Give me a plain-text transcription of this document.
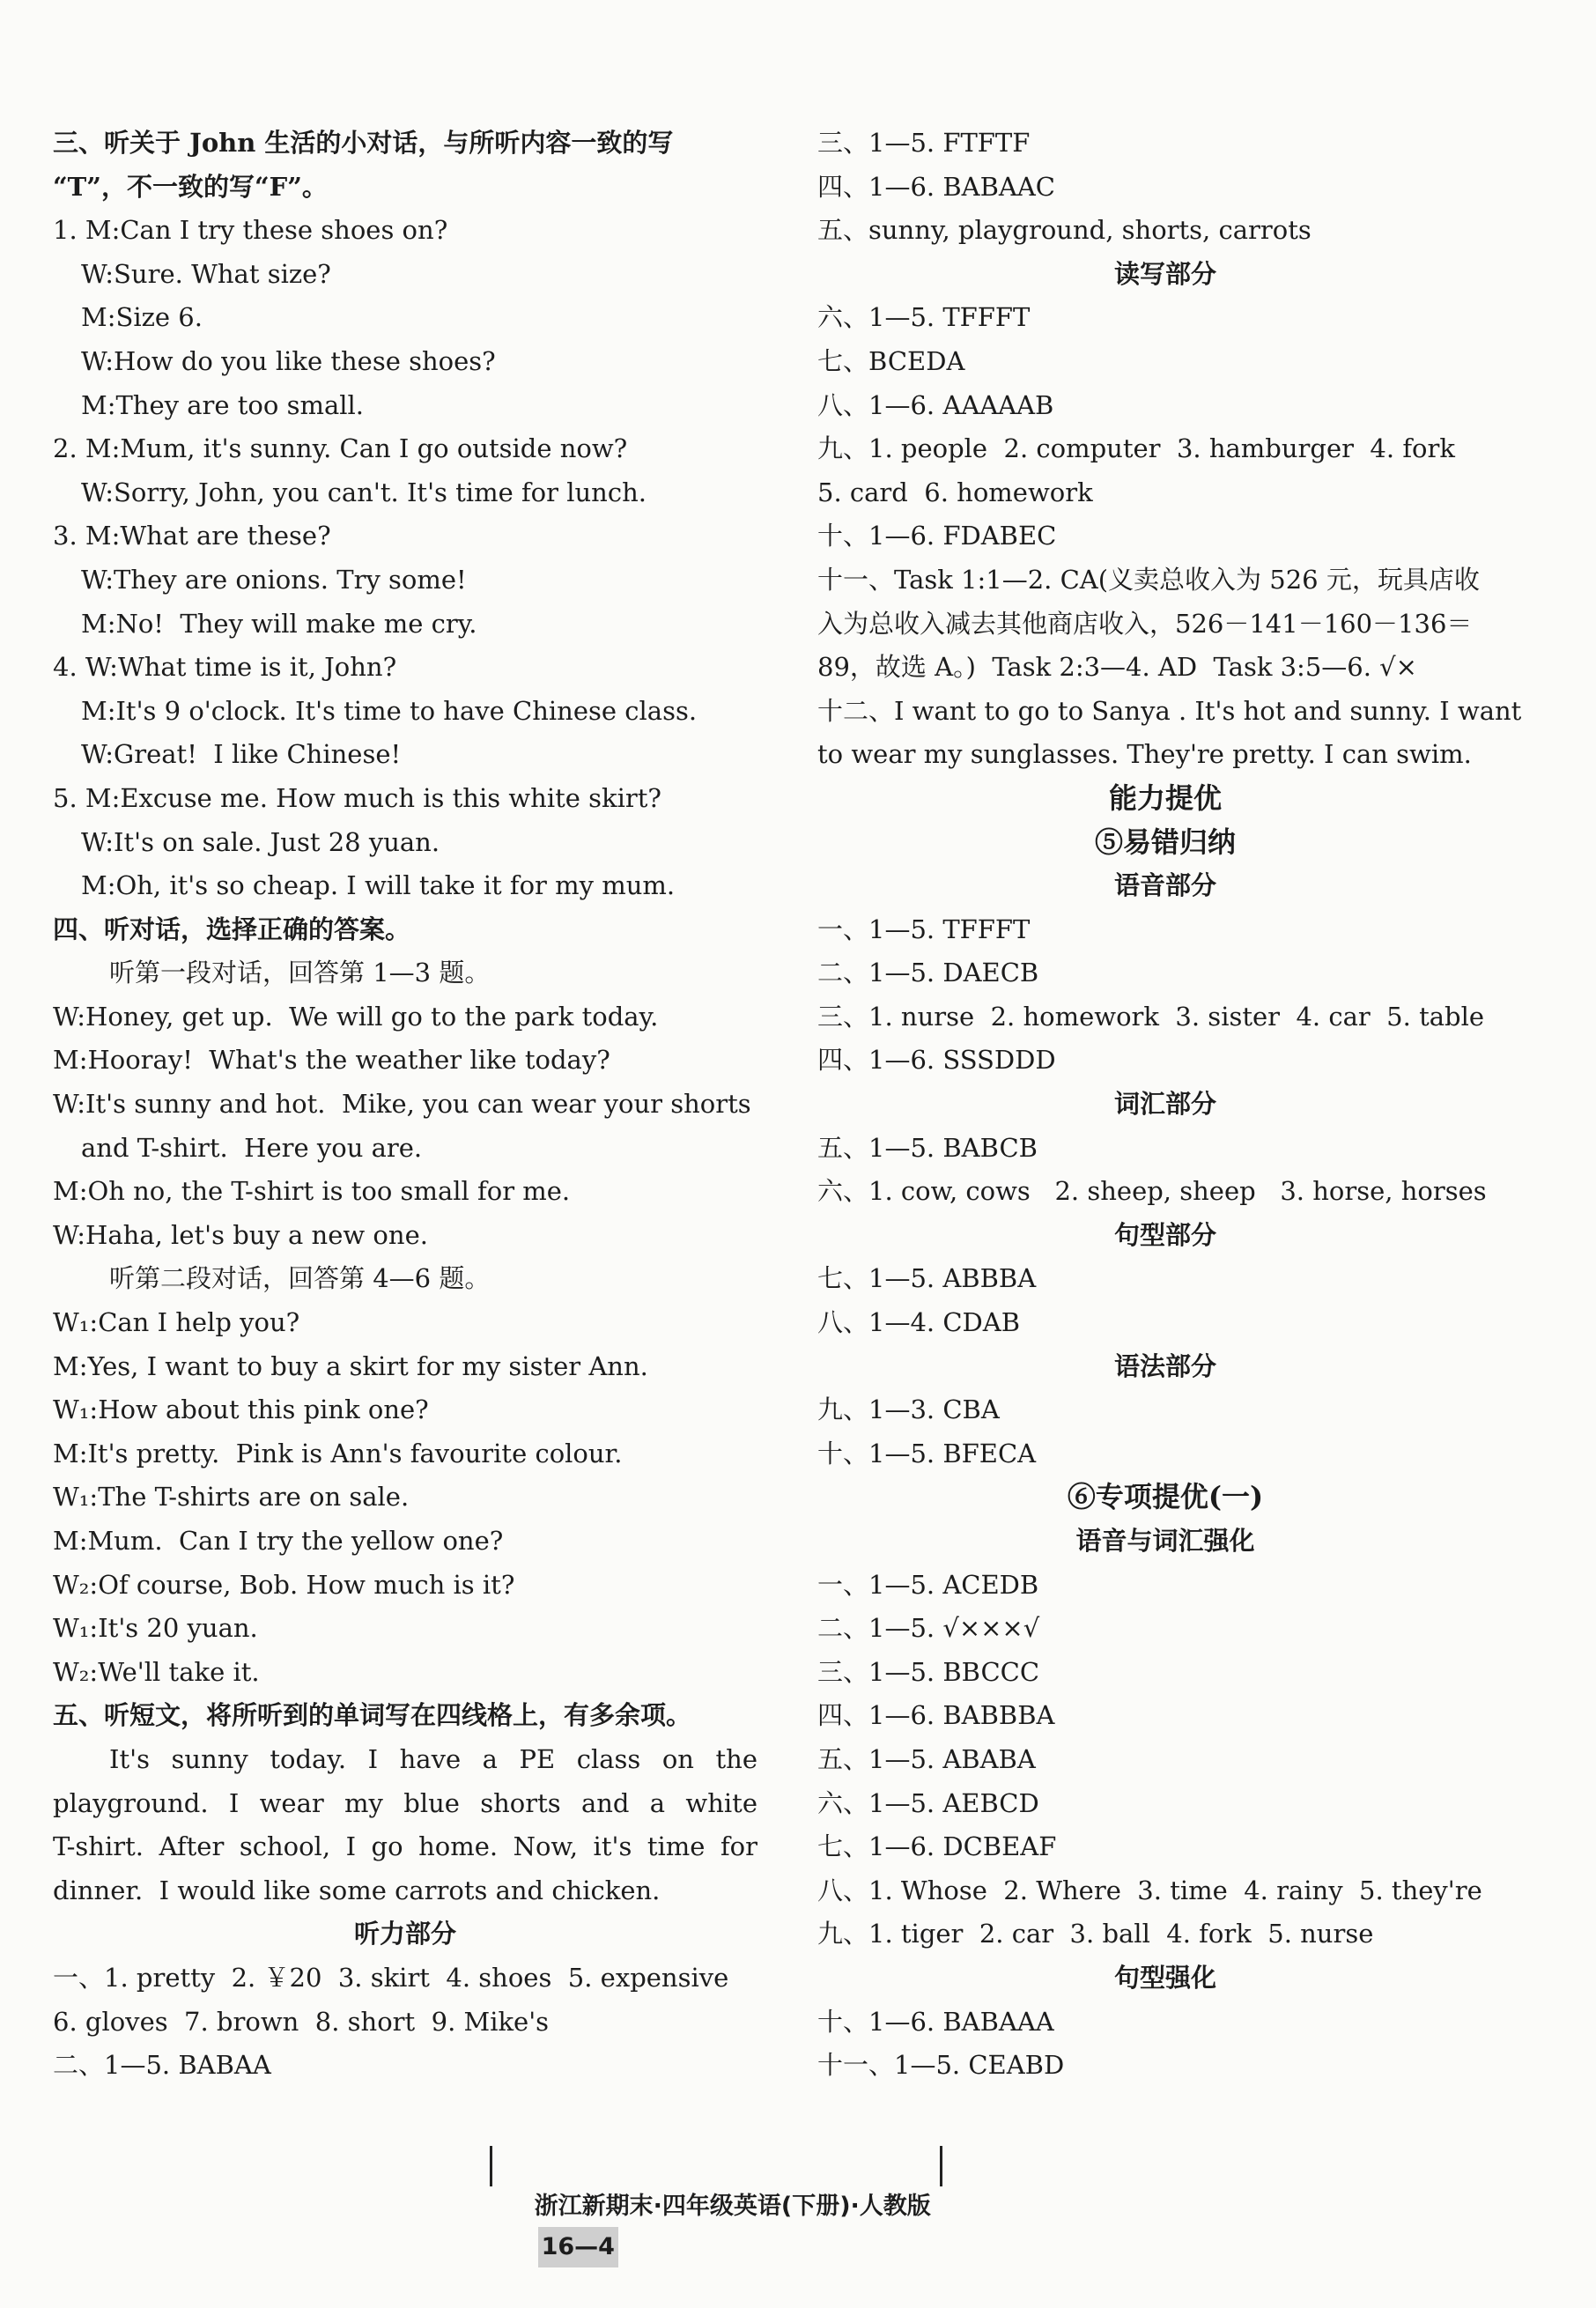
三、听关于 John 生活的小对话，与所听内容一致的写
“T”，不一致的写“F”。
1. M:Can I try these shoes on?
W:Sure. What size?
M:Size 6.
W:How do you like these shoes?
M:They are too small.
2. M:Mum, it's sunny. Can I go outside now?
W:Sorry, John, you can't. It's time for lunch.
3. M:What are these?
W:They are onions. Try some!
M:No!  They will make me cry.
4. W:What time is it, John?
M:It's 9 o'clock. It's time to have Chinese class.
W:Great!  I like Chinese!
5. M:Excuse me. How much is this white skirt?
W:It's on sale. Just 28 yuan.
M:Oh, it's so cheap. I will take it for my mum.
四、听对话，选择正确的答案。
听第一段对话，回答第 1—3 题。
W:Honey, get up.  We will go to the park today.
M:Hooray!  What's the weather like today?
W:It's sunny and hot.  Mike, you can wear your shorts
and T-shirt.  Here you are.
M:Oh no, the T-shirt is too small for me.
W:Haha, let's buy a new one.
听第二段对话，回答第 4—6 题。
W₁:Can I help you?
M:Yes, I want to buy a skirt for my sister Ann.
W₁:How about this pink one?
M:It's pretty.  Pink is Ann's favourite colour.
W₁:The T-shirts are on sale.
M:Mum.  Can I try the yellow one?
W₂:Of course, Bob. How much is it?
W₁:It's 20 yuan.
W₂:We'll take it.
五、听短文，将所听到的单词写在四线格上，有多余项。
It's sunny today. I have a PE class on the
playground. I wear my blue shorts and a white
T-shirt. After school, I go home. Now, it's time for
dinner.  I would like some carrots and chicken.
听力部分
一、1. pretty  2. ￥20  3. skirt  4. shoes  5. expensive
6. gloves  7. brown  8. short  9. Mike's
二、1—5. BABAA
三、1—5. FTFTF
四、1—6. BABAAC
五、sunny, playground, shorts, carrots
读写部分
六、1—5. TFFFT
七、BCEDA
八、1—6. AAAAAB
九、1. people  2. computer  3. hamburger  4. fork
5. card  6. homework
十、1—6. FDABEC
十一、Task 1:1—2. CA(义卖总收入为 526 元，玩具店收
入为总收入减去其他商店收入，526－141－160－136＝
89，故选 A。)  Task 2:3—4. AD  Task 3:5—6. √×
十二、I want to go to Sanya . It's hot and sunny. I want
to wear my sunglasses. They're pretty. I can swim.
能力提优
⑤易错归纳
语音部分
一、1—5. TFFFT
二、1—5. DAECB
三、1. nurse  2. homework  3. sister  4. car  5. table
四、1—6. SSSDDD
词汇部分
五、1—5. BABCB
六、1. cow, cows   2. sheep, sheep   3. horse, horses
句型部分
七、1—5. ABBBA
八、1—4. CDAB
语法部分
九、1—3. CBA
十、1—5. BFECA
⑥专项提优(一)
语音与词汇强化
一、1—5. ACEDB
二、1—5. √×××√
三、1—5. BBCCC
四、1—6. BABBBA
五、1—5. ABABA
六、1—5. AEBCD
七、1—6. DCBEAF
八、1. Whose  2. Where  3. time  4. rainy  5. they're
九、1. tiger  2. car  3. ball  4. fork  5. nurse
句型强化
十、1—6. BABAAA
十一、1—5. CEABD

浙江新期末·四年级英语(下册)·人教版
16—4
